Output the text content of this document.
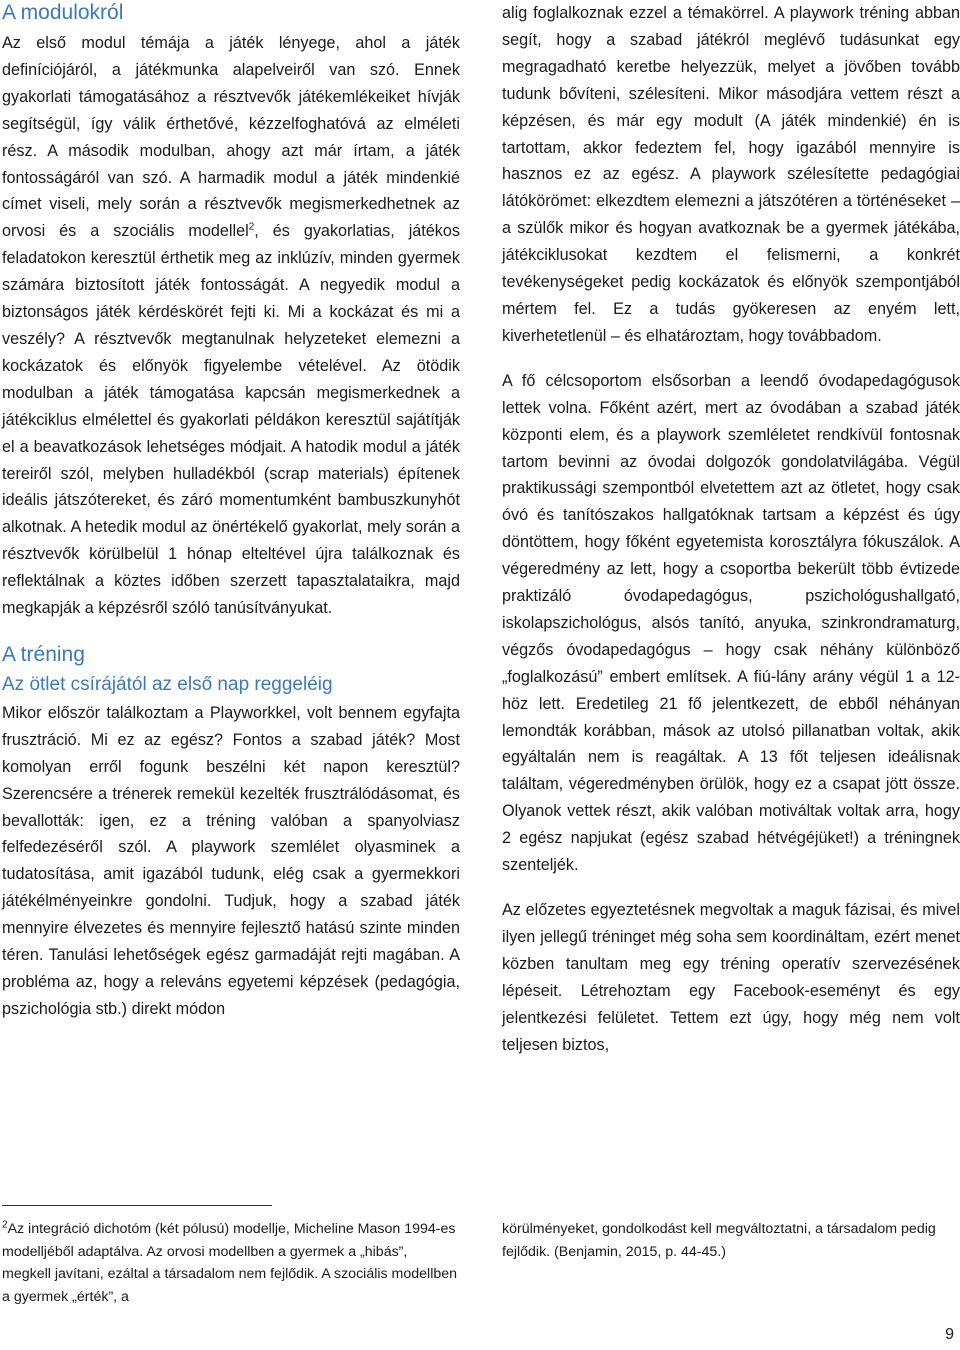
A modulokról

Az első modul témája a játék lényege, ahol a játék definíciójáról, a játékmunka alapelveiről van szó. Ennek gyakorlati támogatásához a résztvevők játékemlékeiket hívják segítségül, így válik érthetővé, kézzelfoghatóvá az elméleti rész. A második modulban, ahogy azt már írtam, a játék fontosságáról van szó. A harmadik modul a játék mindenkié címet viseli, mely során a résztvevők megismerkedhetnek az orvosi és a szociális modellel$^2$, és gyakorlatias, játékos feladatokon keresztül érthetik meg az inklúzív, minden gyermek számára biztosított játék fontosságát. A negyedik modul a biztonságos játék kérdéskörét fejti ki. Mi a kockázat és mi a veszély? A résztvevők megtanulnak helyzeteket elemezni a kockázatok és előnyök figyelembe vételével. Az ötödik modulban a játék támogatása kapcsán megismerkednek a játékciklus elmélettel és gyakorlati példákon keresztül sajátítják el a beavatkozások lehetséges módjait. A hatodik modul a játék tereiről szól, melyben hulladékból (scrap materials) építenek ideális játszótereket, és záró momentumként bambuszkunyhót alkotnak. A hetedik modul az önértékelő gyakorlat, mely során a résztvevők körülbelül 1 hónap elteltével újra találkoznak és reflektálnak a köztes időben szerzett tapasztalataikra, majd megkapják a képzésről szóló tanúsítványukat.

A tréning
Az ötlet csírájától az első nap reggeléig

Mikor először találkoztam a Playworkkel, volt bennem egyfajta frusztráció. Mi ez az egész? Fontos a szabad játék? Most komolyan erről fogunk beszélni két napon keresztül? Szerencsére a trénerek remekül kezelték frusztrálódásomat, és bevallották: igen, ez a tréning valóban a spanyolviasz felfedezéséről szól. A playwork szemlélet olyasminek a tudatosítása, amit igazából tudunk, elég csak a gyermekkori játékélményeinkre gondolni. Tudjuk, hogy a szabad játék mennyire élvezetes és mennyire fejlesztő hatású szinte minden téren. Tanulási lehetőségek egész garmadáját rejti magában. A probléma az, hogy a releváns egyetemi képzések (pedagógia, pszichológia stb.) direkt módon

alig foglalkoznak ezzel a témakörrel. A playwork tréning abban segít, hogy a szabad játékról meglévő tudásunkat egy megragadható keretbe helyezzük, melyet a jövőben tovább tudunk bővíteni, szélesíteni. Mikor másodjára vettem részt a képzésen, és már egy modult (A játék mindenkié) én is tartottam, akkor fedeztem fel, hogy igazából mennyire is hasznos ez az egész. A playwork szélesítette pedagógiai látókörömet: elkezdtem elemezni a játszótéren a történéseket – a szülők mikor és hogyan avatkoznak be a gyermek játékába, játékciklusokat kezdtem el felismerni, a konkrét tevékenységeket pedig kockázatok és előnyök szempontjából mértem fel. Ez a tudás gyökeresen az enyém lett, kiverhetetlenül – és elhatároztam, hogy továbbadom.

A fő célcsoportom elsősorban a leendő óvodapedagógusok lettek volna. Főként azért, mert az óvodában a szabad játék központi elem, és a playwork szemléletet rendkívül fontosnak tartom bevinni az óvodai dolgozók gondolatvilágába. Végül praktikussági szempontból elvetettem azt az ötletet, hogy csak óvó és tanítószakos hallgatóknak tartsam a képzést és úgy döntöttem, hogy főként egyetemista korosztályra fókuszálok. A végeredmény az lett, hogy a csoportba bekerült több évtizede praktizáló óvodapedagógus, pszichológushallgató, iskolapszichológus, alsós tanító, anyuka, szinkrondramaturg, végzős óvodapedagógus – hogy csak néhány különböző „foglalkozású” embert említsek. A fiú-lány arány végül 1 a 12-höz lett. Eredetileg 21 fő jelentkezett, de ebből néhányan lemondták korábban, mások az utolsó pillanatban voltak, akik egyáltalán nem is reagáltak. A 13 főt teljesen ideálisnak találtam, végeredményben örülök, hogy ez a csapat jött össze. Olyanok vettek részt, akik valóban motiváltak voltak arra, hogy 2 egész napjukat (egész szabad hétvégéjüket!) a tréningnek szenteljék.

Az előzetes egyeztetésnek megvoltak a maguk fázisai, és mivel ilyen jellegű tréninget még soha sem koordináltam, ezért menet közben tanultam meg egy tréning operatív szervezésének lépéseit. Létrehoztam egy Facebook-eseményt és egy jelentkezési felületet. Tettem ezt úgy, hogy még nem volt teljesen biztos,

$^2$Az integráció dichotóm (két pólusú) modellje, Micheline Mason 1994-es modelljéből adaptálva. Az orvosi modellben a gyermek a „hibás”, megkell javítani, ezáltal a társadalom nem fejlődik. A szociális modellben a gyermek „érték”, a

körülményeket, gondolkodást kell megváltoztatni, a társadalom pedig fejlődik. (Benjamin, 2015, p. 44-45.)

9
